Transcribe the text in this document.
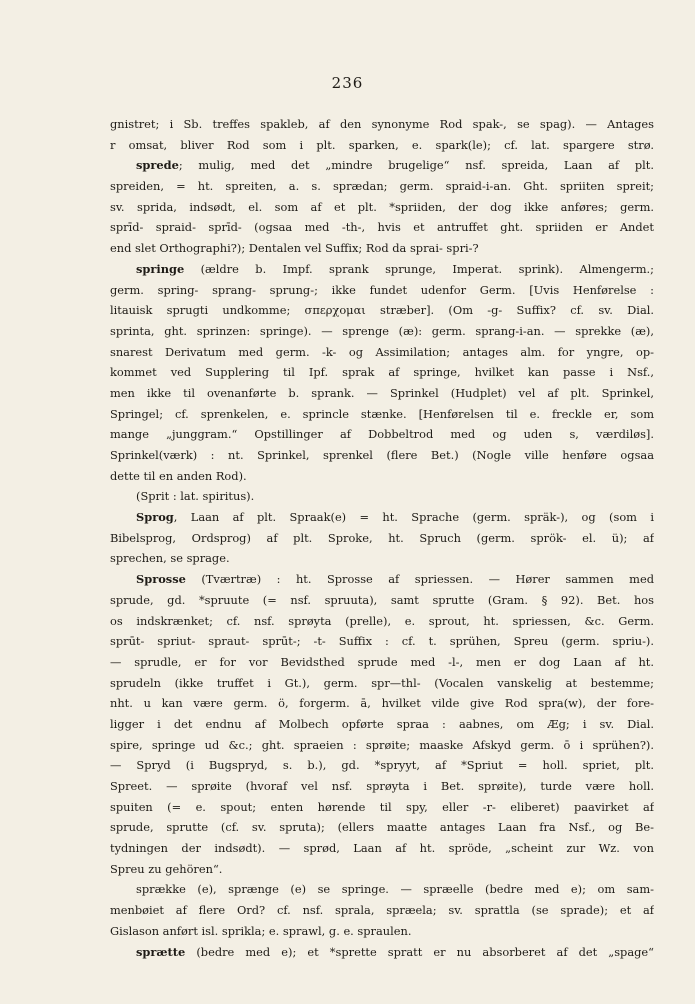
236
gnistret; i Sb. treffes spakleb, af den synonyme Rod spak-, se spag). — Antages
r omsat, bliver Rod som i plt. sparken, e. spark(le); cf. lat. spargere strø.
sprede; mulig, med det „mindre brugelige“ nsf. spreida, Laan af plt.
spreiden, = ht. spreiten, a. s. sprædan; germ. spraid-i-an. Ght. spriiten spreit;
sv. sprida, indsødt, el. som af et plt. *spriiden, der dog ikke anføres; germ.
sprīd- spraid- sprīd- (ogsaa med -th-, hvis et antruffet ght. spriiden er Andet
end slet Orthographi?); Dentalen vel Suffix; Rod da sprai- spri-?
springe (ældre b. Impf. sprank sprunge, Imperat. sprink). Almengerm.;
germ. spring- sprang- sprung-; ikke fundet udenfor Germ. [Uvis Henførelse :
litauisk sprugti undkomme; σπερχομαι stræber]. (Om -g- Suffix? cf. sv. Dial.
sprinta, ght. sprinzen: springe). — sprenge (æ): germ. sprang-i-an. — sprekke (æ),
snarest Derivatum med germ. -k- og Assimilation; antages alm. for yngre, op-
kommet ved Supplering til Ipf. sprak af springe, hvilket kan passe i Nsf.,
men ikke til ovenanførte b. sprank. — Sprinkel (Hudplet) vel af plt. Sprinkel,
Springel; cf. sprenkelen, e. sprincle stænke. [Henførelsen til e. freckle er, som
mange „junggram.“ Opstillinger af Dobbeltrod med og uden s, værdiløs].
Sprinkel(værk) : nt. Sprinkel, sprenkel (flere Bet.) (Nogle ville henføre ogsaa
dette til en anden Rod).
(Sprit : lat. spiritus).
Sprog, Laan af plt. Spraak(e) = ht. Sprache (germ. spräk-), og (som i
Bibelsprog, Ordsprog) af plt. Sproke, ht. Spruch (germ. sprök- el. ü); af
sprechen, se sprage.
Sprosse (Tværtræ) : ht. Sprosse af spriessen. — Hører sammen med
sprude, gd. *spruute (= nsf. spruuta), samt sprutte (Gram. § 92). Bet. hos
os indskrænket; cf. nsf. sprøyta (prelle), e. sprout, ht. spriessen, &c. Germ.
sprūt- spriut- spraut- sprūt-; -t- Suffix : cf. t. sprühen, Spreu (germ. spriu-).
— sprudle, er for vor Bevidsthed sprude med -l-, men er dog Laan af ht.
sprudeln (ikke truffet i Gt.), germ. spr—thl- (Vocalen vanskelig at bestemme;
nht. u kan være germ. ö, forgerm. ā, hvilket vilde give Rod spra(w), der fore-
ligger i det endnu af Molbech opførte spraa : aabnes, om Æg; i sv. Dial.
spire, springe ud &c.; ght. spraeien : sprøite; maaske Afskyd germ. ō i sprühen?).
— Spryd (i Bugspryd, s. b.), gd. *spryyt, af *Spriut = holl. spriet, plt.
Spreet. — sprøite (hvoraf vel nsf. sprøyta i Bet. sprøite), turde være holl.
spuiten (= e. spout; enten hørende til spy, eller -r- eliberet) paavirket af
sprude, sprutte (cf. sv. spruta); (ellers maatte antages Laan fra Nsf., og Be-
tydningen der indsødt). — sprød, Laan af ht. spröde, „scheint zur Wz. von
Spreu zu gehören“.
sprække (e), sprænge (e) se springe. — spræelle (bedre med e); om sam-
menbøiet af flere Ord? cf. nsf. sprala, spræela; sv. sprattla (se sprade); et af
Gislason anført isl. sprikla; e. sprawl, g. e. spraulen.
sprætte (bedre med e); et *sprette spratt er nu absorberet af det „spage“
